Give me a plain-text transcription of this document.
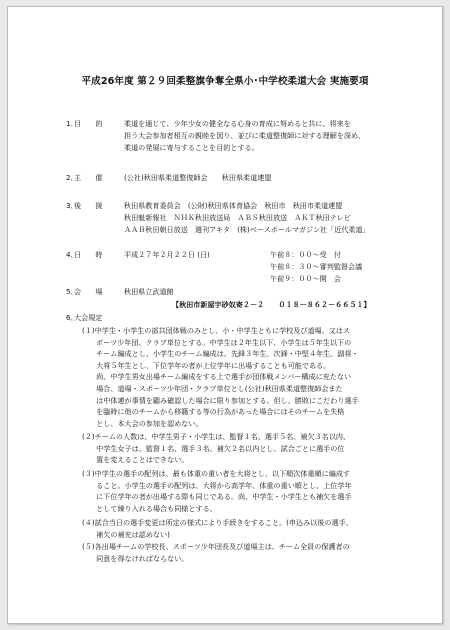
平成26年度 第２９回柔整旗争奪全県小･中学校柔道大会 実施要項
1､目　　的	柔道を通じて、少年少女の健全なる心身の育成に努めると共に、将来を

担う大会参加者相互の親睦を図り、並びに柔道整復師に対する理解を深め、

柔道の発展に寄与することを目的とする。

2､主　　催	(公社)秋田県柔道整復師会　　秋田県柔道連盟

3､後　　援	秋田県教育委員会　(公財)秋田県体育協会　秋田市　秋田市柔道連盟

秋田魁新報社　ＮＨＫ秋田放送局　ＡＢＳ秋田放送　ＡＫＴ秋田テレビ

ＡＡＢ秋田朝日放送　週刊アキタ　(株)ベースボールマガジン社「近代柔道」

4､日　　時	平成２７年２月２２日 (日)	午前８：００〜受　付

午前８：３０〜審判監督会議

午前９：００〜開　会

5､会　　場	秋田県立武道館

【秋田市新屋宇砂奴寄２－２　　０１８－８６２－６６５１】
6､大会規定

(１)中学生・小学生の部共団体戦のみとし、小・中学生ともに学校及び道場、又はス

　　ポーツ少年団、クラブ単位とする。中学生は２年生以下、小学生は５年生以下の

　　チーム編成とし、小学生のチーム編成は、先鋒３年生、次鋒・中堅４年生、副将・

　　大将５年生とし、下位学年の者が上位学年に出場することも可能である。

　　尚、中学生男女出場チーム編成をする上で選手が団体戦メンバー構成に充たない

　　場合、道場・スポーツ少年団・クラブ単位とし(公社)秋田県柔道整復師会また

　　は中体連が事情を顧み確認した場合に限り参加とする。但し、勝敗にこだわり選手

　　を臨時に他のチームから移籍する等の行為があった場合にはそのチームを失格

　　とし、本大会の参加を認めない。

(２)チームの人数は、中学生男子・小学生は、監督１名、選手５名、補欠３名以内、

　　中学生女子は、監督１名、選手３名、補欠２名以内とし、試合ごとに選手の位

　　置を変えることはできない。

(３)中学生の選手の配列は、最も体重の重い者を大将とし、以下順次体重順に編成す

　　ること。小学生の選手の配列は、大将から高学年、体重の重い順とし、上位学年

　　に下位学年の者が出場する際も同じである。尚、中学生・小学生とも補欠を選手

　　として繰り入れる場合も同様とする。

(４)試合当日の選手変更は所定の様式により手続きをすること。(申込み以後の選手、

　　補欠の補充は認めない)

(５)各出場チームの学校長、スポーツ少年団長及び道場主は、チーム全員の保護者の

　　同意を得なければならない。
